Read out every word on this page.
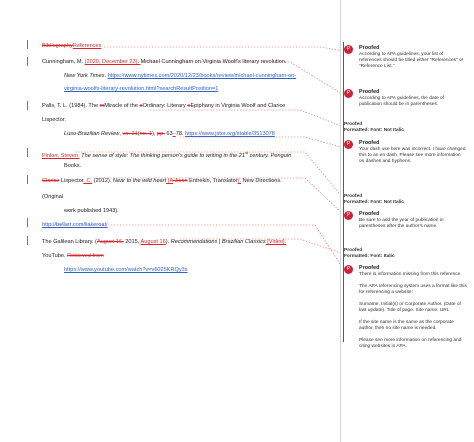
BibliographyReferences
Cunningham, M. (2020, December 23). Michael Cunningham on Virginia Woolf’s literary revolution.
New York Times. https://www.nytimes.com/2020/12/23/books/review/michael-cunningham-on-
virginia-woolfs-literary-revolution.html?searchResultPosition=1
Palls, T. L. (1984). The mMiracle of the oOrdinary: Literary eEpiphany in Virginia Woolf and Clarice
Lispector.
Luso-Brazilian Review, vo. 21(no. 1), pp. 63–78. https://www.jstor.org/stable/3513078
Pinker, Steven. The sense of style: The thinking person’s guide to writing in the 21st century. Penguin
Books.
Clarice Lispector, C. (2012). Near to the wild heart (A Jison Entrekin, Translator). New Directions.
(Original
work published 1943).
http://bellarr.com/liakeroat/
The Galilean Library. (August 16, 2015, August 16). Recommendations | Brazilian Classics [Video].
YouTube. Retrieved from
https://www.youtube.com/watch?v=v6025KRQy3s
P	Proofed
According to APA guidelines, your list of references should be titled either “References” or “Reference List.”
P	Proofed
According to APA guidelines, the date of publication should be in parentheses.
Proofed
Formatted: Font: Not Italic
P	Proofed
Your dash use here was incorrect. I have changed this to an en dash. Please see more information on dashes and hyphens.
Proofed
Formatted: Font: Not Italic
P	Proofed
Be sure to add the year of publication in parentheses after the author’s name.
Proofed
Formatted: Font: Italic
P	Proofed
There is information missing from this reference.

The APA referencing system uses a format like this for referencing a website:

Surname, Initial(s) or Corporate Author. (Date of last update). Title of page. Site name. URL

If the site name is the same as the corporate author, then no site name is needed.

Please see more information on referencing and citing websites in APA.
